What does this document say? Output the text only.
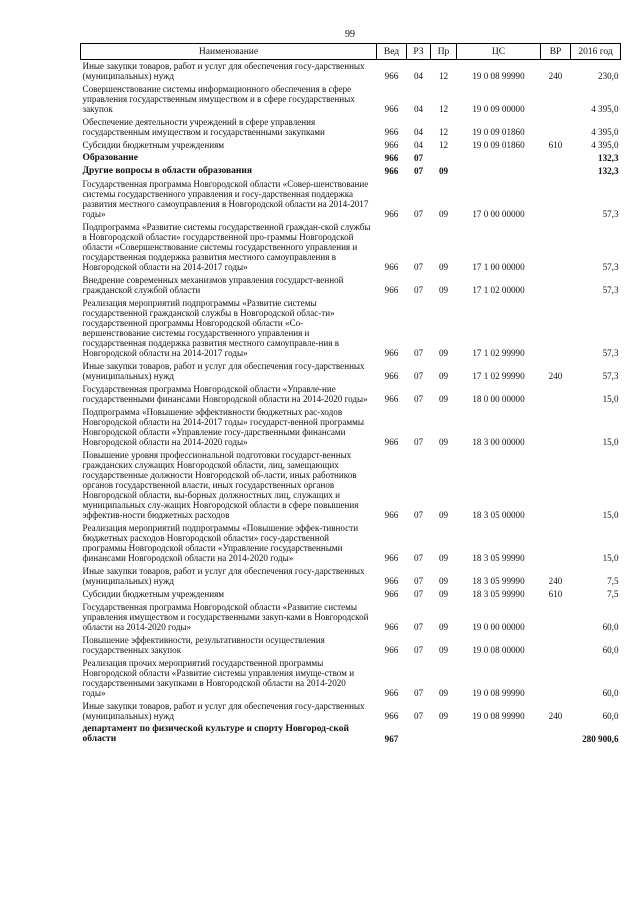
99
Наименование	Вед	РЗ	Пр	ЦС	ВР	2016 год
Иные закупки товаров, работ и услуг для обеспечения госу-дарственных (муниципальных) нужд	966	04	12	19 0 08 99990	240	230,0
Совершенствование системы информационного обеспечения в сфере управления государственным имуществом и в сфере государственных закупок	966	04	12	19 0 09 00000		4 395,0
Обеспечение деятельности учреждений в сфере управления государственным имуществом и государственными закупками	966	04	12	19 0 09 01860		4 395,0
Субсидии бюджетным учреждениям	966	04	12	19 0 09 01860	610	4 395,0
Образование	966	07				132,3
Другие вопросы в области образования	966	07	09			132,3
Государственная программа Новгородской области «Совер-шенствование системы государственного управления и госу-дарственная поддержка развития местного самоуправления в Новгородской области на 2014-2017 годы»	966	07	09	17 0 00 00000		57,3
Подпрограмма «Развитие системы государственной граждан-ской службы в Новгородской области» государственной про-граммы Новгородской области «Совершенствование системы государственного управления и государственная поддержка развития местного самоуправления в Новгородской области на 2014-2017 годы»	966	07	09	17 1 00 00000		57,3
Внедрение современных механизмов управления государст-венной гражданской службой области	966	07	09	17 1 02 00000		57,3
Реализация мероприятий подпрограммы «Развитие системы государственной гражданской службы в Новгородской облас-ти» государственной программы Новгородской области «Со-вершенствование системы государственного управления и государственная поддержка развития местного самоуправле-ния в Новгородской области на 2014-2017 годы»	966	07	09	17 1 02 99990		57,3
Иные закупки товаров, работ и услуг для обеспечения госу-дарственных (муниципальных) нужд	966	07	09	17 1 02 99990	240	57,3
Государственная программа Новгородской области «Управле-ние государственными финансами Новгородской области на 2014-2020 годы»	966	07	09	18 0 00 00000		15,0
Подпрограмма «Повышение эффективности бюджетных рас-ходов Новгородской области на 2014-2017 годы» государст-венной программы Новгородской области «Управление госу-дарственными финансами Новгородской области на 2014-2020 годы»	966	07	09	18 3 00 00000		15,0
Повышение уровня профессиональной подготовки государст-венных гражданских служащих Новгородской области, лиц, замещающих государственные должности Новгородской об-ласти, иных работников органов государственной власти, иных государственных органов Новгородской области, вы-борных должностных лиц, служащих и муниципальных слу-жащих Новгородской области в сфере повышения эффектив-ности бюджетных расходов	966	07	09	18 3 05 00000		15,0
Реализация мероприятий подпрограммы «Повышение эффек-тивности бюджетных расходов Новгородской области» госу-дарственной программы Новгородской области «Управление государственными финансами Новгородской области на 2014-2020 годы»	966	07	09	18 3 05 99990		15,0
Иные закупки товаров, работ и услуг для обеспечения госу-дарственных (муниципальных) нужд	966	07	09	18 3 05 99990	240	7,5
Субсидии бюджетным учреждениям	966	07	09	18 3 05 99990	610	7,5
Государственная программа Новгородской области «Развитие системы управления имуществом и государственными закуп-ками в Новгородской области на 2014-2020 годы»	966	07	09	19 0 00 00000		60,0
Повышение эффективности, результативности осуществления государственных закупок	966	07	09	19 0 08 00000		60,0
Реализация прочих мероприятий государственной программы Новгородской области «Развитие системы управления имуще-ством и государственными закупками в Новгородской области на 2014-2020 годы»	966	07	09	19 0 08 99990		60,0
Иные закупки товаров, работ и услуг для обеспечения госу-дарственных (муниципальных) нужд	966	07	09	19 0 08 99990	240	60,0
департамент по физической культуре и спорту Новгород-ской области	967					280 900,6
